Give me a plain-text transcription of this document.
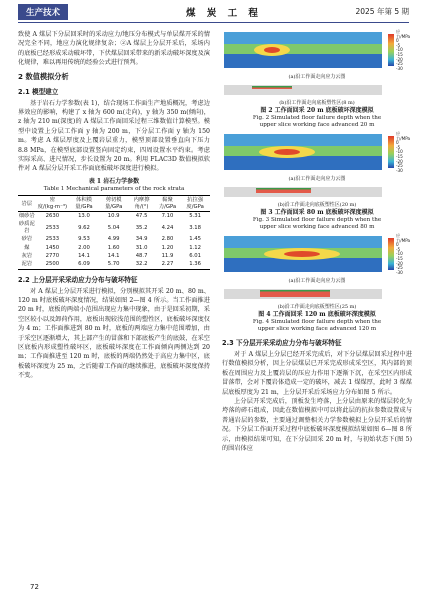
生产技术	煤 炭 工 程	2025 年第 5 期

致使 A 煤层下分层回采时的采动应力/地压分布模式与单层煤开采的情况完全不同，地应力演化规律复杂；②A 煤层上分层开采后，采场内的底板已经形成采动破坏带，下伏煤层回采带来的新采动破坏深度及演化规律，难以再用传统的经验公式进行预判。

2 数值模拟分析
2.1 模型建立

基于岩石力学参数(表 1)，结合现场工作面生产地质概况，考虑边界效应的影响，构建了 x 轴为 600 m(走向)，y 轴为 350 m(倾向)，z 轴为 210 m(深度)的 A 煤层工作面回采过程三维数值计算模型。模型中设置上分层工作面 y 轴为 200 m，下分层工作面 y 轴为 150 m。考虑 A 煤层厚度及上覆岩层重力，模型顶部设置垂直向下压力 8.8 MPa，在模型底部设置竖向固定约束，四周设置水平约束。考虑实际采高、进尺情况，步长设置为 20 m。利用 FLAC3D 数值模拟软件对 A 煤层分层开采工作面底板破坏深度进行模拟。

表 1 岩石力学参数
Table 1 Mechanical parameters of the rock strata
岩层	密度/(kg·m⁻³)	体积模量/GPa	剪切模量/GPa	内摩擦角/(°)	黏聚力/GPa	抗拉强度/GPa
细砂岩	2630	13.0	10.9	47.5	7.10	5.31
砂质泥岩	2533	9.62	5.04	35.2	4.24	3.18
砂岩	2533	9.53	4.99	34.9	2.80	1.45
煤	1450	2.00	1.60	31.0	1.20	1.12
灰岩	2770	14.1	14.1	48.7	11.9	6.01
泥岩	2500	6.09	5.70	32.2	2.27	1.36
2.2 上分层开采采动应力分布与破坏特征

对 A 煤层上分层开采进行模拟，分别模拟其开采 20 m、80 m、120 m 时底板破坏深度情况，结果如图 2—图 4 所示。当工作面推进 20 m 时，底板的两端小范围出现应力集中现象，由于是回采初期，采空区较小以及卸荷作用，底板出现较浅范围的塑性区，底板破坏深度仅为 4 m；工作面推进到 80 m 时，底板的两端应力集中范围增加，由于采空区逐渐增大，其上部产生的冒落和下部底板产生的底鼓，在采空区底板内形成塑性破坏区，底板破坏深度在工作面倾向两侧达到 20 m；工作面推进至 120 m 时，底板的两端仍然处于高应力集中区，底板破坏深度为 25 m，之后随着工作面的继续推进，底板破坏深度保持不变。

应力/MPa
0
-5
-10
-15
-20
-25
-30
(a)沿工作面走向应力云图
(b)沿工作面走向底板塑性区(8 m)
图 2 工作面回采 20 m 底板破坏深度模拟
Fig. 2 Simulated floor failure depth when the
upper slice working face advanced 20 m
应力/MPa
0
-5
-10
-15
-20
-25
-30
(a)沿工作面走向应力云图
(b)沿工作面走向底板塑性区(20 m)
图 3 工作面回采 80 m 底板破坏深度模拟
Fig. 3 Simulated floor failure depth when the
upper slice working face advanced 80 m
应力/MPa
0
-5
-10
-15
-20
-25
-30
(a)沿工作面走向应力云图
(b)沿工作面走向底板塑性区(25 m)
图 4 工作面回采 120 m 底板破坏深度模拟
Fig. 4 Simulated floor failure depth when the
upper slice working face advanced 120 m
2.3 下分层开采采动应力分布与破坏特征

对于 A 煤层上分层已经开采完成后，对下分层煤层回采过程中进行数值模拟分析，因上分层煤层已开采完成形成采空区，其内部的顶板在周围应力及上覆岩层的压应力作用下逐渐下沉，在采空区内形成冒落带，会对下覆岩体造成一定的破坏，减去 1 煤煤厚，此时 3 煤煤层底板厚度为 21 m，上分层开采后采场应力分布如图 5 所示。

上分层开采完成后，顶板发生垮落，上分层由原来的煤层转化为垮落的碎石组成，因此在数值模拟中可以将此层的抗拉参数设置成与普通岩层的参数，主要通过调整相关力学参数模拟上分层开采后的情况。下分层工作面开采过程中底板破坏深度模拟结果如图 6—图 8 所示，由模拟结果可知，在下分层回采 20 m 时，与初始状态下(图 5)的围岩体应

72
